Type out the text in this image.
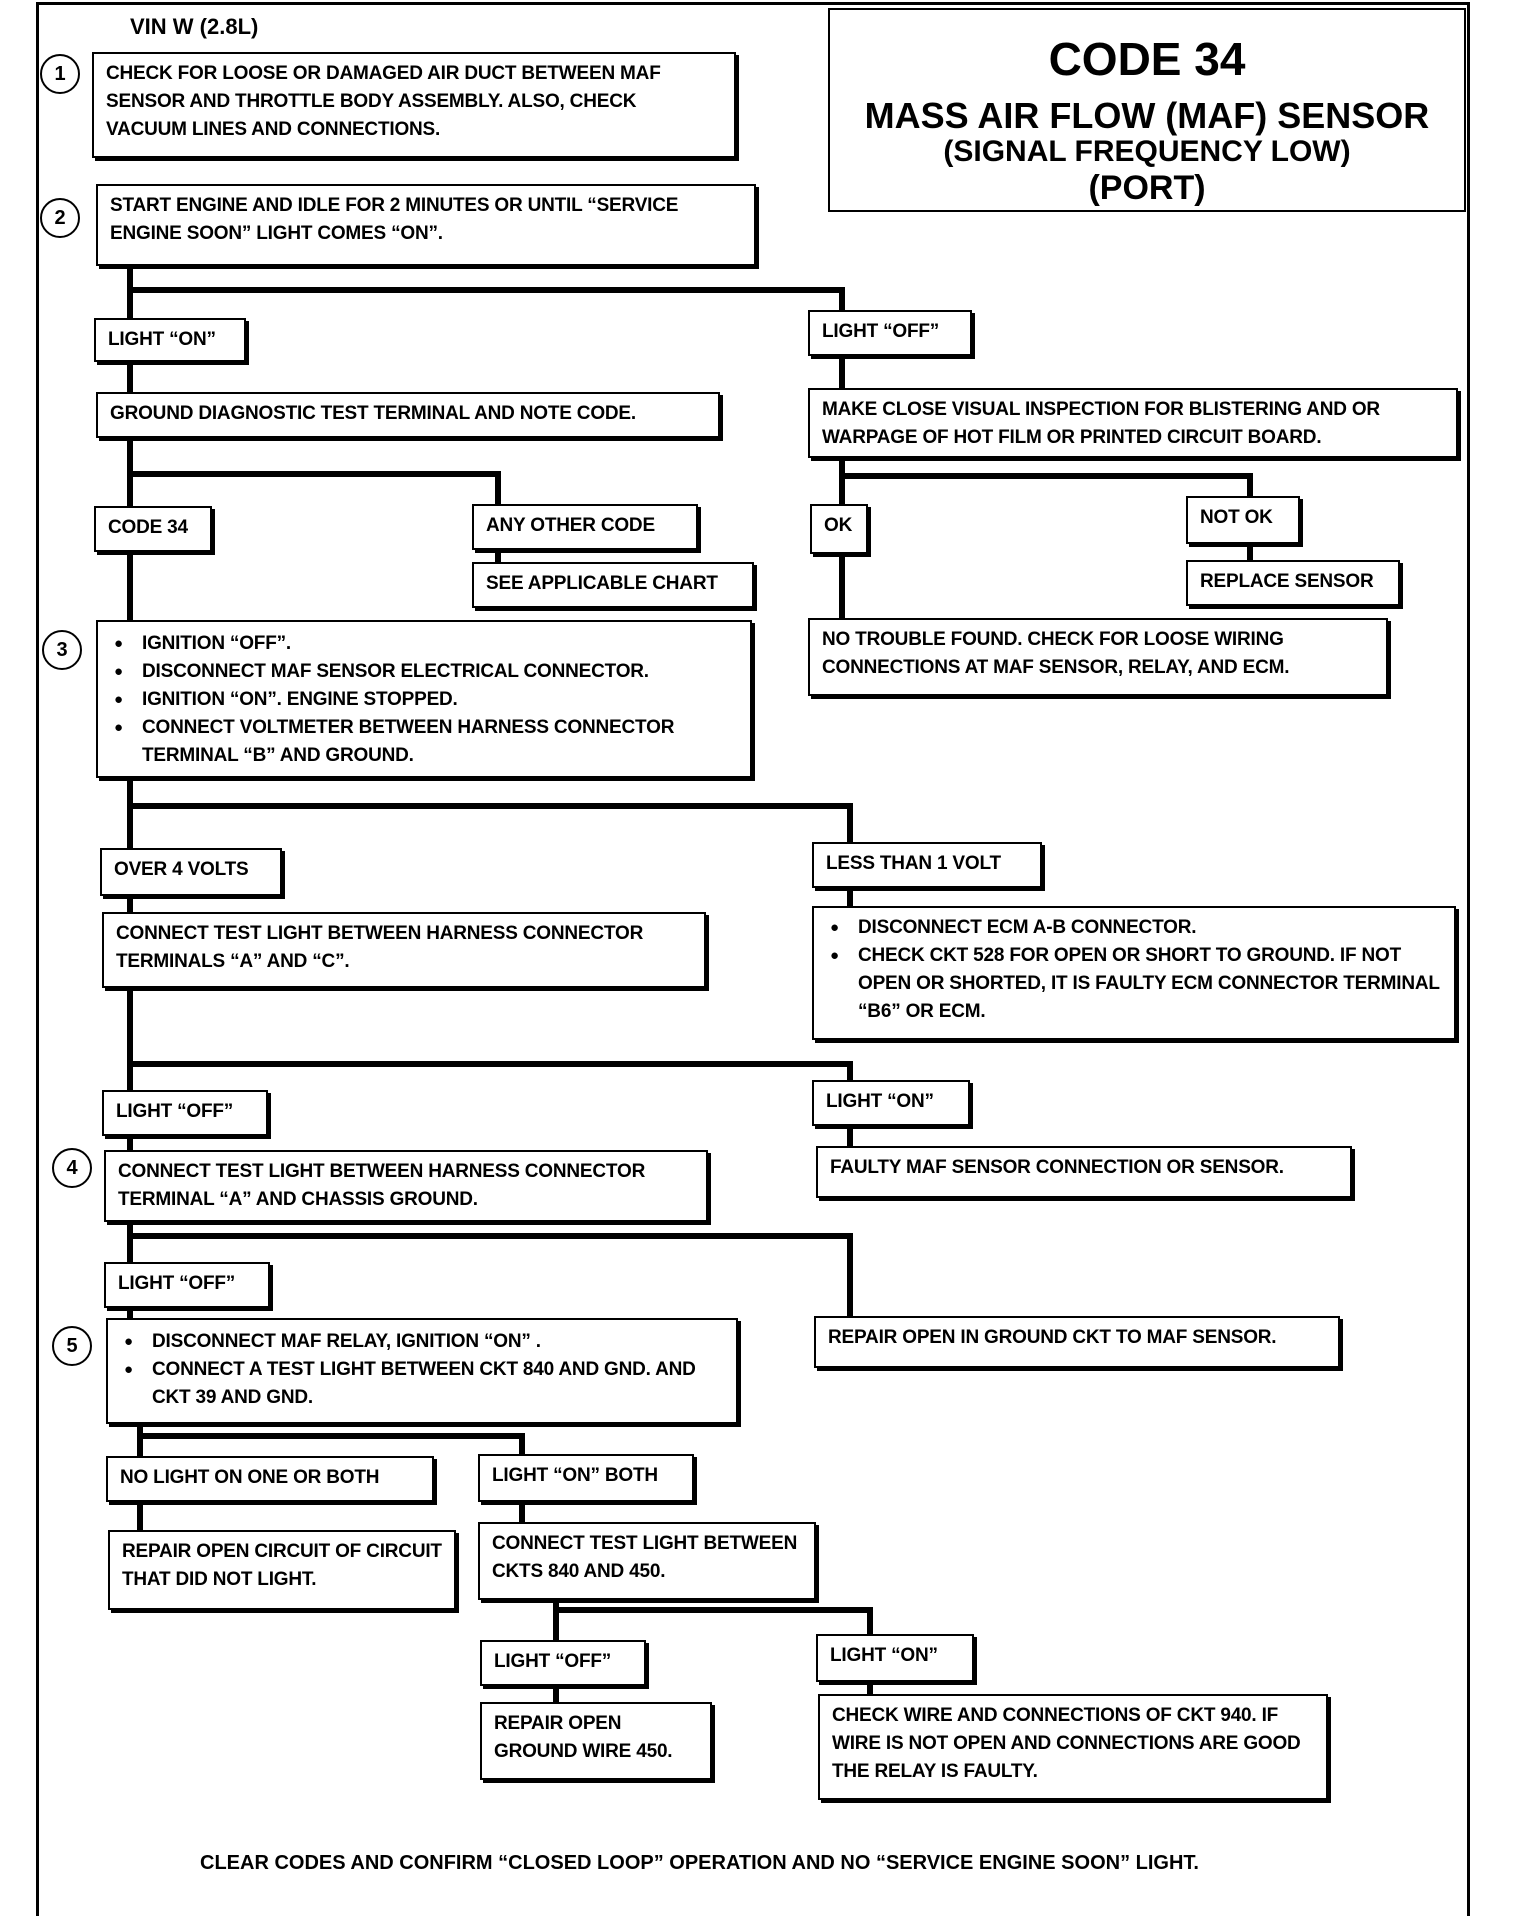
VIN W (2.8L)
CODE 34
MASS AIR FLOW (MAF) SENSOR
(SIGNAL FREQUENCY LOW)
(PORT)
1
2
3
4
5
CHECK FOR LOOSE OR DAMAGED AIR DUCT BETWEEN MAF SENSOR AND THROTTLE BODY ASSEMBLY. ALSO, CHECK VACUUM LINES AND CONNECTIONS.
START ENGINE AND IDLE FOR 2 MINUTES OR UNTIL “SERVICE ENGINE SOON” LIGHT COMES “ON”.
LIGHT “ON”	LIGHT “OFF”
GROUND DIAGNOSTIC TEST TERMINAL AND NOTE CODE.	MAKE CLOSE VISUAL INSPECTION FOR BLISTERING AND OR WARPAGE OF HOT FILM OR PRINTED CIRCUIT BOARD.
CODE 34	ANY OTHER CODE
SEE APPLICABLE CHART
OK	NOT OK
REPLACE SENSOR
NO TROUBLE FOUND. CHECK FOR LOOSE WIRING CONNECTIONS AT MAF SENSOR, RELAY, AND ECM.
● IGNITION “OFF”.
● DISCONNECT MAF SENSOR ELECTRICAL CONNECTOR.
● IGNITION “ON”. ENGINE STOPPED.
● CONNECT VOLTMETER BETWEEN HARNESS CONNECTOR TERMINAL “B” AND GROUND.
OVER 4 VOLTS	LESS THAN 1 VOLT
CONNECT TEST LIGHT BETWEEN HARNESS CONNECTOR TERMINALS “A” AND “C”.
● DISCONNECT ECM A-B CONNECTOR.
● CHECK CKT 528 FOR OPEN OR SHORT TO GROUND. IF NOT OPEN OR SHORTED, IT IS FAULTY ECM CONNECTOR TERMINAL “B6” OR ECM.
LIGHT “OFF”	LIGHT “ON”
CONNECT TEST LIGHT BETWEEN HARNESS CONNECTOR TERMINAL “A” AND CHASSIS GROUND.
FAULTY MAF SENSOR CONNECTION OR SENSOR.
LIGHT “OFF”
● DISCONNECT MAF RELAY, IGNITION “ON” .
● CONNECT A TEST LIGHT BETWEEN CKT 840 AND GND. AND CKT 39 AND GND.
REPAIR OPEN IN GROUND CKT TO MAF SENSOR.
NO LIGHT ON ONE OR BOTH	LIGHT “ON” BOTH
REPAIR OPEN CIRCUIT OF CIRCUIT THAT DID NOT LIGHT.
CONNECT TEST LIGHT BETWEEN CKTS 840 AND 450.
LIGHT “OFF”	LIGHT “ON”
REPAIR OPEN GROUND WIRE 450.
CHECK WIRE AND CONNECTIONS OF CKT 940. IF WIRE IS NOT OPEN AND CONNECTIONS ARE GOOD THE RELAY IS FAULTY.
CLEAR CODES AND CONFIRM “CLOSED LOOP” OPERATION AND NO “SERVICE ENGINE SOON” LIGHT.
